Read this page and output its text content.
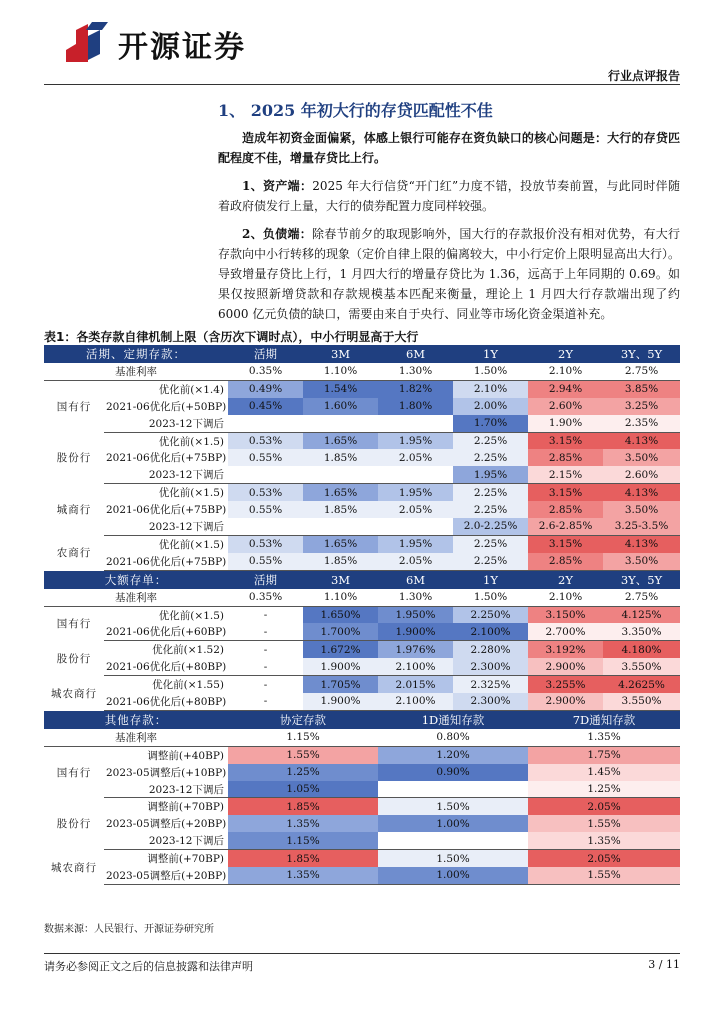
开源证券
行业点评报告
1、 2025 年初大行的存贷匹配性不佳

造成年初资金面偏紧，体感上银行可能存在资负缺口的核心问题是：大行的存贷匹配程度不佳，增量存贷比上行。

1、资产端：2025 年大行信贷“开门红”力度不错，投放节奏前置，与此同时伴随着政府债发行上量，大行的债券配置力度同样较强。

2、负债端：除春节前夕的取现影响外，国大行的存款报价没有相对优势，有大行存款向中小行转移的现象（定价自律上限的偏离较大，中小行定价上限明显高出大行）。导致增量存贷比上行，1 月四大行的增量存贷比为 1.36，远高于上年同期的 0.69。如果仅按照新增贷款和存款规模基本匹配来衡量，理论上 1 月四大行存款端出现了约 6000 亿元负债的缺口，需要由来自于央行、同业等市场化资金渠道补充。

表1：各类存款自律机制上限（含历次下调时点），中小行明显高于大行
活期、定期存款：		活期	3M	6M	1Y	2Y	3Y、5Y
基准利率		0.35%	1.10%	1.30%	1.50%	2.10%	2.75%
国有行	优化前(×1.4)	0.49%	1.54%	1.82%	2.10%	2.94%	3.85%
	2021-06优化后(+50BP)	0.45%	1.60%	1.80%	2.00%	2.60%	3.25%
	2023-12下调后				1.70%	1.90%	2.35%
股份行	优化前(×1.5)	0.53%	1.65%	1.95%	2.25%	3.15%	4.13%
	2021-06优化后(+75BP)	0.55%	1.85%	2.05%	2.25%	2.85%	3.50%
	2023-12下调后				1.95%	2.15%	2.60%
城商行	优化前(×1.5)	0.53%	1.65%	1.95%	2.25%	3.15%	4.13%
	2021-06优化后(+75BP)	0.55%	1.85%	2.05%	2.25%	2.85%	3.50%
	2023-12下调后				2.0-2.25%	2.6-2.85%	3.25-3.5%
农商行	优化前(×1.5)	0.53%	1.65%	1.95%	2.25%	3.15%	4.13%
	2021-06优化后(+75BP)	0.55%	1.85%	2.05%	2.25%	2.85%	3.50%
大额存单：		活期	3M	6M	1Y	2Y	3Y、5Y
基准利率		0.35%	1.10%	1.30%	1.50%	2.10%	2.75%
国有行	优化前(×1.5)	-	1.650%	1.950%	2.250%	3.150%	4.125%
	2021-06优化后(+60BP)	-	1.700%	1.900%	2.100%	2.700%	3.350%
股份行	优化前(×1.52)	-	1.672%	1.976%	2.280%	3.192%	4.180%
	2021-06优化后(+80BP)	-	1.900%	2.100%	2.300%	2.900%	3.550%
城农商行	优化前(×1.55)	-	1.705%	2.015%	2.325%	3.255%	4.2625%
	2021-06优化后(+80BP)	-	1.900%	2.100%	2.300%	2.900%	3.550%
其他存款：		协定存款		1D通知存款		7D通知存款	
基准利率		1.15%		0.80%		1.35%	
国有行	调整前(+40BP)	1.55%		1.20%		1.75%	
	2023-05调整后(+10BP)	1.25%		0.90%		1.45%	
	2023-12下调后	1.05%				1.25%	
股份行	调整前(+70BP)	1.85%		1.50%		2.05%	
	2023-05调整后(+20BP)	1.35%		1.00%		1.55%	
	2023-12下调后	1.15%				1.35%	
城农商行	调整前(+70BP)	1.85%		1.50%		2.05%	
	2023-05调整后(+20BP)	1.35%		1.00%		1.55%	
数据来源：人民银行、开源证券研究所
请务必参阅正文之后的信息披露和法律声明	3 / 11
